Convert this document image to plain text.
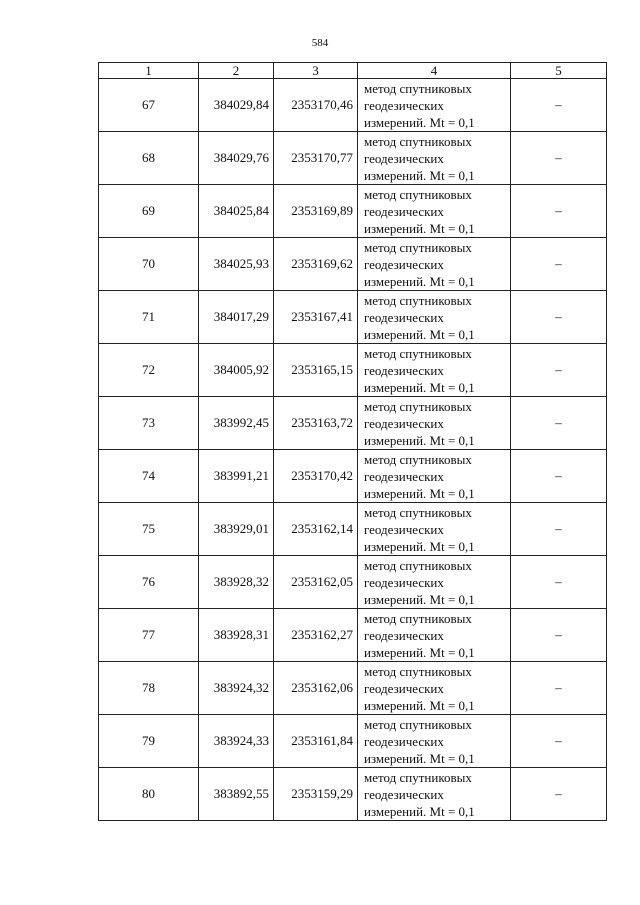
584
1	2	3	4	5
67	384029,84	2353170,46	метод спутниковых
геодезических
измерений. Mt = 0,1	–
68	384029,76	2353170,77	метод спутниковых
геодезических
измерений. Mt = 0,1	–
69	384025,84	2353169,89	метод спутниковых
геодезических
измерений. Mt = 0,1	–
70	384025,93	2353169,62	метод спутниковых
геодезических
измерений. Mt = 0,1	–
71	384017,29	2353167,41	метод спутниковых
геодезических
измерений. Mt = 0,1	–
72	384005,92	2353165,15	метод спутниковых
геодезических
измерений. Mt = 0,1	–
73	383992,45	2353163,72	метод спутниковых
геодезических
измерений. Mt = 0,1	–
74	383991,21	2353170,42	метод спутниковых
геодезических
измерений. Mt = 0,1	–
75	383929,01	2353162,14	метод спутниковых
геодезических
измерений. Mt = 0,1	–
76	383928,32	2353162,05	метод спутниковых
геодезических
измерений. Mt = 0,1	–
77	383928,31	2353162,27	метод спутниковых
геодезических
измерений. Mt = 0,1	–
78	383924,32	2353162,06	метод спутниковых
геодезических
измерений. Mt = 0,1	–
79	383924,33	2353161,84	метод спутниковых
геодезических
измерений. Mt = 0,1	–
80	383892,55	2353159,29	метод спутниковых
геодезических
измерений. Mt = 0,1	–
